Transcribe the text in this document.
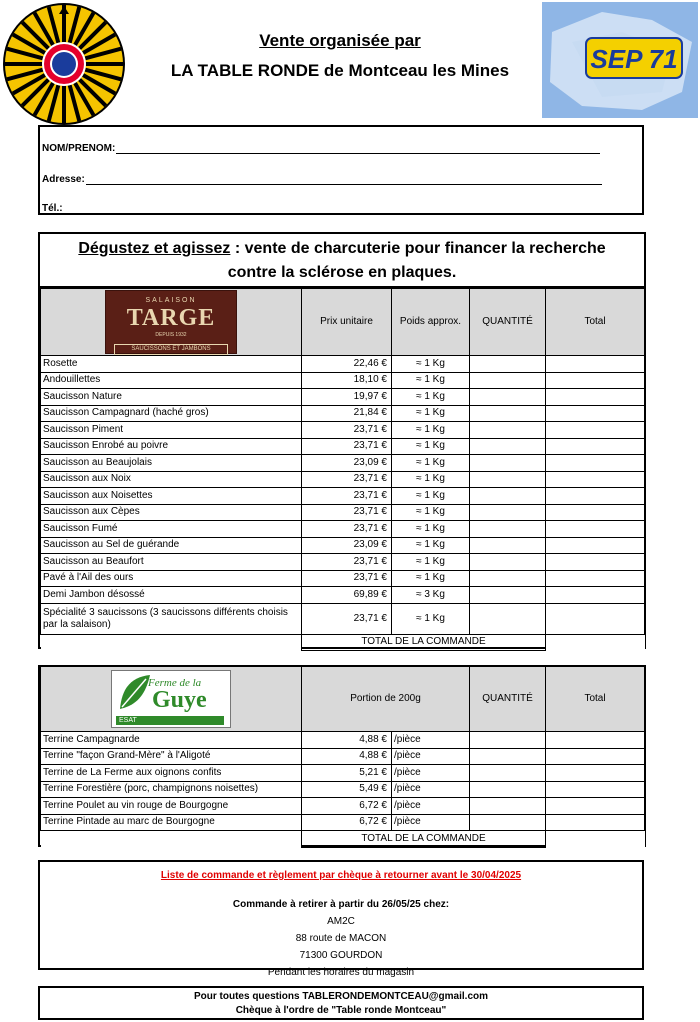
Vente organisée par
LA TABLE RONDE de Montceau les Mines	SEP 71
NOM/PRENOM:
Adresse:
Tél.:
Dégustez et agissez : vente de charcuterie pour financer la recherche
contre la sclérose en plaques.
SALAISON
TARGE
DEPUIS 1932
SAUCISSONS ET JAMBONS	Prix unitaire	Poids approx.	QUANTITÉ	Total
Rosette	22,46 €	≈ 1 Kg		
Andouillettes	18,10 €	≈ 1 Kg		
Saucisson Nature	19,97 €	≈ 1 Kg		
Saucisson Campagnard (haché gros)	21,84 €	≈ 1 Kg		
Saucisson Piment	23,71 €	≈ 1 Kg		
Saucisson Enrobé au poivre	23,71 €	≈ 1 Kg		
Saucisson au Beaujolais	23,09 €	≈ 1 Kg		
Saucisson aux Noix	23,71 €	≈ 1 Kg		
Saucisson aux Noisettes	23,71 €	≈ 1 Kg		
Saucisson aux Cèpes	23,71 €	≈ 1 Kg		
Saucisson Fumé	23,71 €	≈ 1 Kg		
Saucisson au Sel de guérande	23,09 €	≈ 1 Kg		
Saucisson au Beaufort	23,71 €	≈ 1 Kg		
Pavé à l'Ail des ours	23,71 €	≈ 1 Kg		
Demi Jambon désossé	69,89 €	≈ 3 Kg		
Spécialité 3 saucissons (3 saucissons différents choisis par la salaison)	23,71 €	≈ 1 Kg		
	TOTAL DE LA COMMANDE			
Ferme de la
Guye
ESAT	Portion de 200g		QUANTITÉ	Total
Terrine Campagnarde	4,88 €	/pièce		
Terrine "façon Grand-Mère" à l'Aligoté	4,88 €	/pièce		
Terrine de La Ferme aux oignons confits	5,21 €	/pièce		
Terrine Forestière (porc, champignons noisettes)	5,49 €	/pièce		
Terrine Poulet au vin rouge de Bourgogne	6,72 €	/pièce		
Terrine Pintade au marc de Bourgogne	6,72 €	/pièce		
	TOTAL DE LA COMMANDE			
Liste de commande et règlement par chèque à retourner avant le 30/04/2025
Commande à retirer à partir du 26/05/25 chez:
AM2C
88 route de MACON
71300 GOURDON
Pendant les horaires du magasin
Pour toutes questions TABLERONDEMONTCEAU@gmail.com
Chèque à l'ordre de "Table ronde Montceau"
